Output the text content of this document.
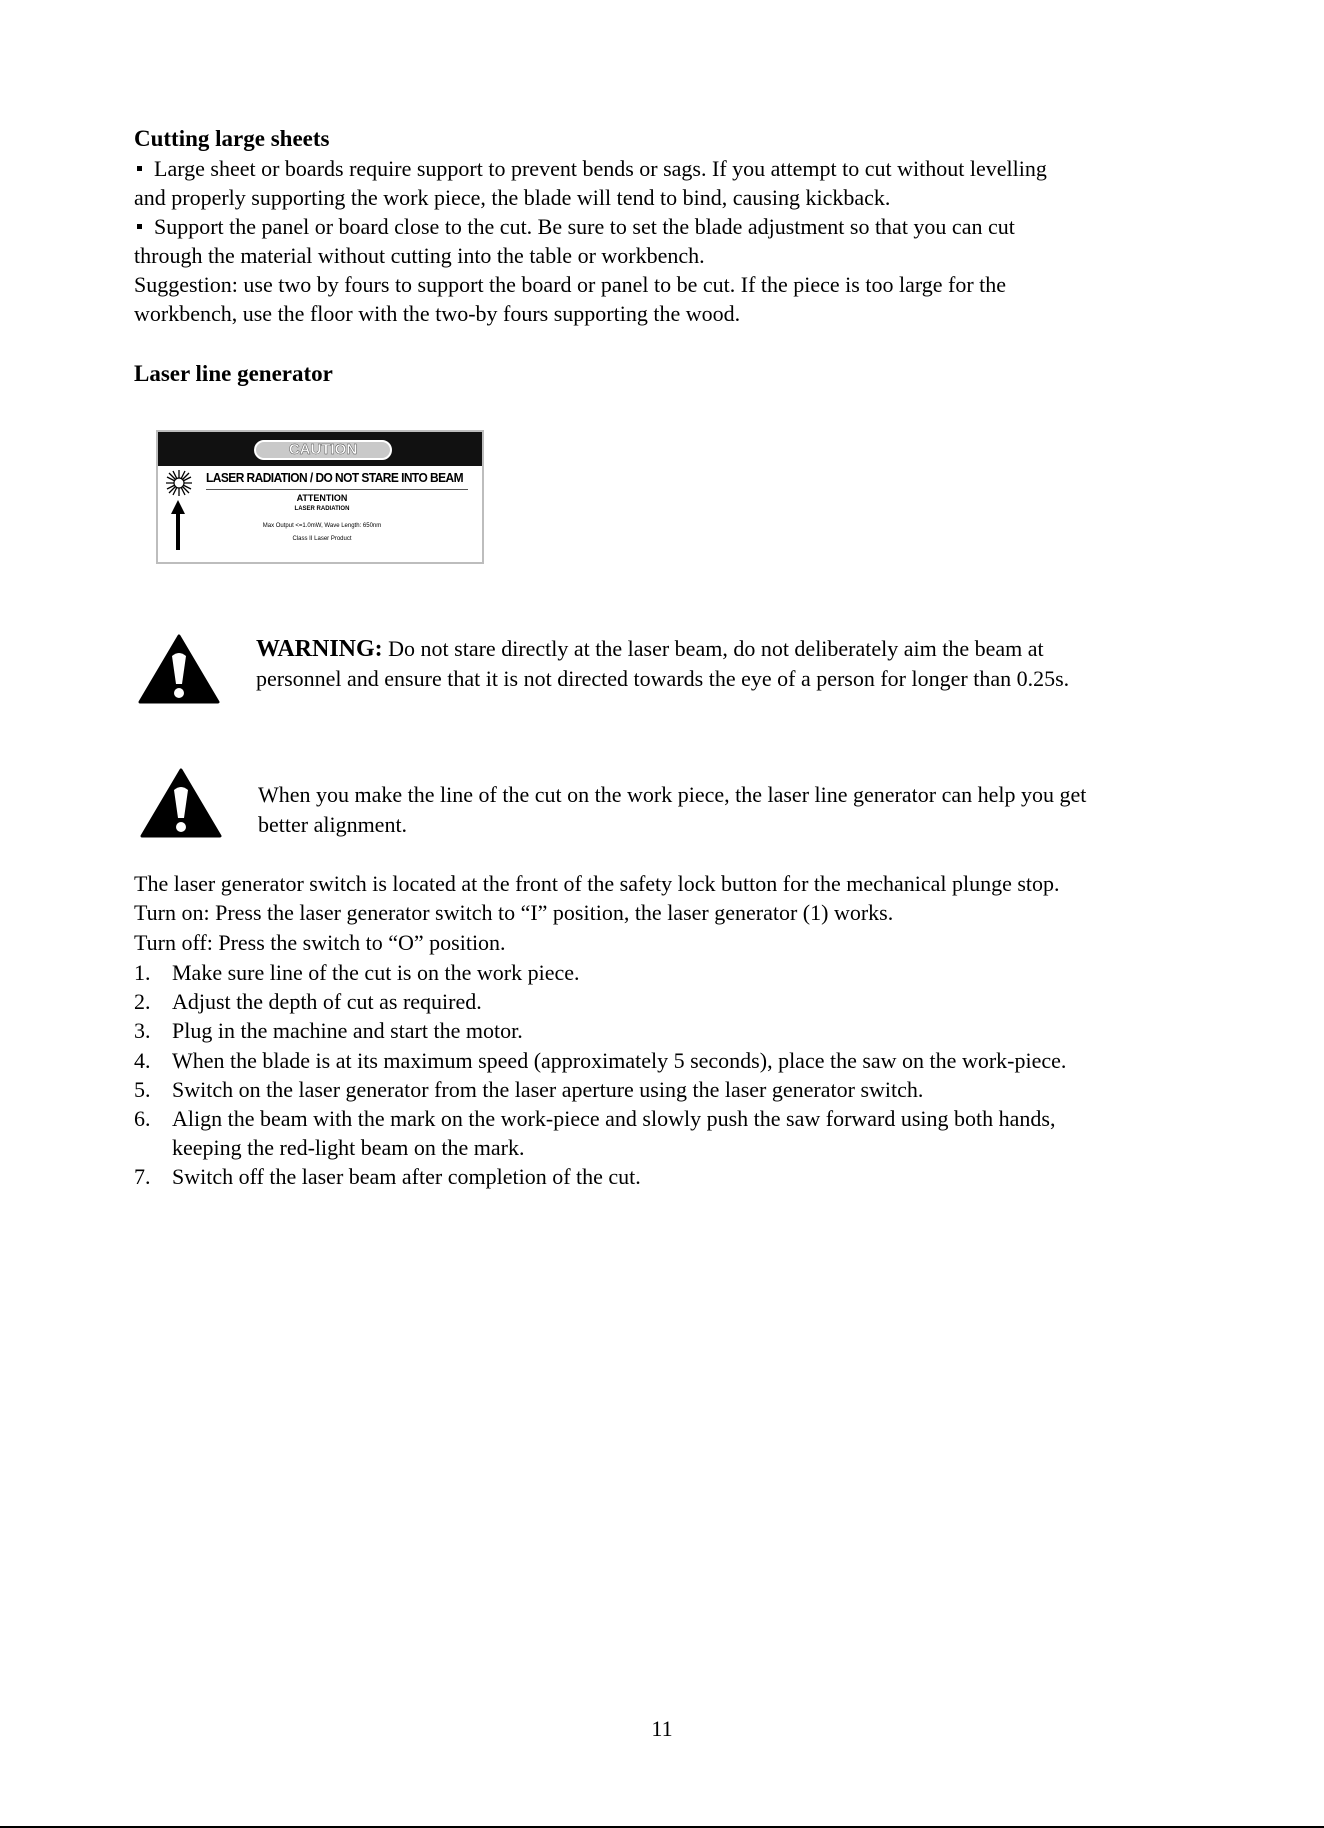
Cutting large sheets
Large sheet or boards require support to prevent bends or sags. If you attempt to cut without levelling
and properly supporting the work piece, the blade will tend to bind, causing kickback.
Support the panel or board close to the cut. Be sure to set the blade adjustment so that you can cut
through the material without cutting into the table or workbench.
Suggestion: use two by fours to support the board or panel to be cut. If the piece is too large for the
workbench, use the floor with the two-by fours supporting the wood.
Laser line generator
CAUTION
LASER RADIATION / DO NOT STARE INTO BEAM
ATTENTION
LASER RADIATION
Max Output <=1.0mW, Wave Length: 650nm
Class II Laser Product
WARNING: Do not stare directly at the laser beam, do not deliberately aim the beam at
personnel and ensure that it is not directed towards the eye of a person for longer than 0.25s.
When you make the line of the cut on the work piece, the laser line generator can help you get
better alignment.
The laser generator switch is located at the front of the safety lock button for the mechanical plunge stop.
Turn on: Press the laser generator switch to “I” position, the laser generator (1) works.
Turn off: Press the switch to “O” position.
1. Make sure line of the cut is on the work piece.
2. Adjust the depth of cut as required.
3. Plug in the machine and start the motor.
4. When the blade is at its maximum speed (approximately 5 seconds), place the saw on the work-piece.
5. Switch on the laser generator from the laser aperture using the laser generator switch.
6. Align the beam with the mark on the work-piece and slowly push the saw forward using both hands,
keeping the red-light beam on the mark.
7. Switch off the laser beam after completion of the cut.
11
